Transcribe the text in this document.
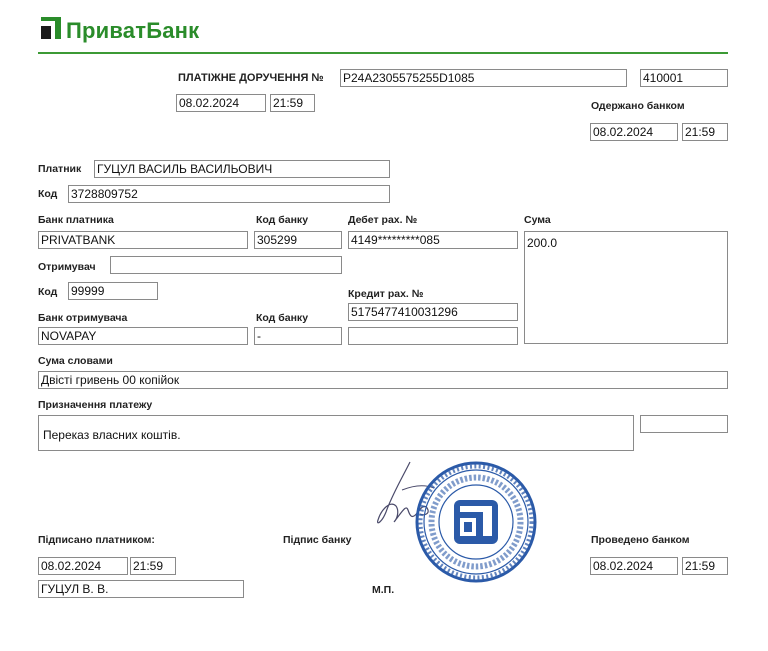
ПриватБанк
ПЛАТІЖНЕ ДОРУЧЕННЯ № P24A2305575255D1085	410001
08.02.2024	21:59	Одержано банком
08.02.2024	21:59
Платник ГУЦУЛ ВАСИЛЬ ВАСИЛЬОВИЧ
Код 3728809752
Банк платника	Код банку	Дебет рах. №	Сума
PRIVATBANK	305299	4149*********085	200.0
Отримувач
Код 99999	Кредит рах. №
5175477410031296
Банк отримувача	Код банку
NOVAPAY	-
Сума словами
Двісті гривень 00 копійок
Призначення платежу
Переказ власних коштів.
Підписано платником:	Підпис банку	Проведено банком
08.02.2024	21:59	08.02.2024	21:59
ГУЦУЛ В. В.	М.П.
